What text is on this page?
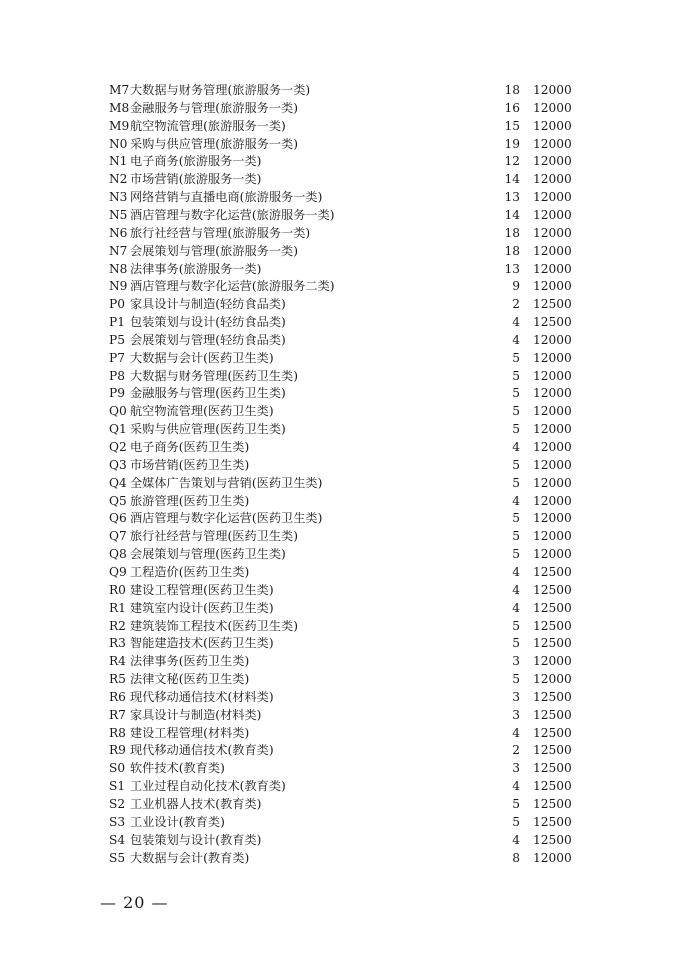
M7 大数据与财务管理(旅游服务一类)	18 12000
M8 金融服务与管理(旅游服务一类)	16 12000
M9 航空物流管理(旅游服务一类)	15 12000
N0 采购与供应管理(旅游服务一类)	19 12000
N1 电子商务(旅游服务一类)	12 12000
N2 市场营销(旅游服务一类)	14 12000
N3 网络营销与直播电商(旅游服务一类)	13 12000
N5 酒店管理与数字化运营(旅游服务一类)	14 12000
N6 旅行社经营与管理(旅游服务一类)	18 12000
N7 会展策划与管理(旅游服务一类)	18 12000
N8 法律事务(旅游服务一类)	13 12000
N9 酒店管理与数字化运营(旅游服务二类)	9 12000
P0 家具设计与制造(轻纺食品类)	2 12500
P1 包装策划与设计(轻纺食品类)	4 12500
P5 会展策划与管理(轻纺食品类)	4 12000
P7 大数据与会计(医药卫生类)	5 12000
P8 大数据与财务管理(医药卫生类)	5 12000
P9 金融服务与管理(医药卫生类)	5 12000
Q0 航空物流管理(医药卫生类)	5 12000
Q1 采购与供应管理(医药卫生类)	5 12000
Q2 电子商务(医药卫生类)	4 12000
Q3 市场营销(医药卫生类)	5 12000
Q4 全媒体广告策划与营销(医药卫生类)	5 12000
Q5 旅游管理(医药卫生类)	4 12000
Q6 酒店管理与数字化运营(医药卫生类)	5 12000
Q7 旅行社经营与管理(医药卫生类)	5 12000
Q8 会展策划与管理(医药卫生类)	5 12000
Q9 工程造价(医药卫生类)	4 12500
R0 建设工程管理(医药卫生类)	4 12500
R1 建筑室内设计(医药卫生类)	4 12500
R2 建筑装饰工程技术(医药卫生类)	5 12500
R3 智能建造技术(医药卫生类)	5 12500
R4 法律事务(医药卫生类)	3 12000
R5 法律文秘(医药卫生类)	5 12000
R6 现代移动通信技术(材料类)	3 12500
R7 家具设计与制造(材料类)	3 12500
R8 建设工程管理(材料类)	4 12500
R9 现代移动通信技术(教育类)	2 12500
S0 软件技术(教育类)	3 12500
S1 工业过程自动化技术(教育类)	4 12500
S2 工业机器人技术(教育类)	5 12500
S3 工业设计(教育类)	5 12500
S4 包装策划与设计(教育类)	4 12500
S5 大数据与会计(教育类)	8 12000
— 20 —
